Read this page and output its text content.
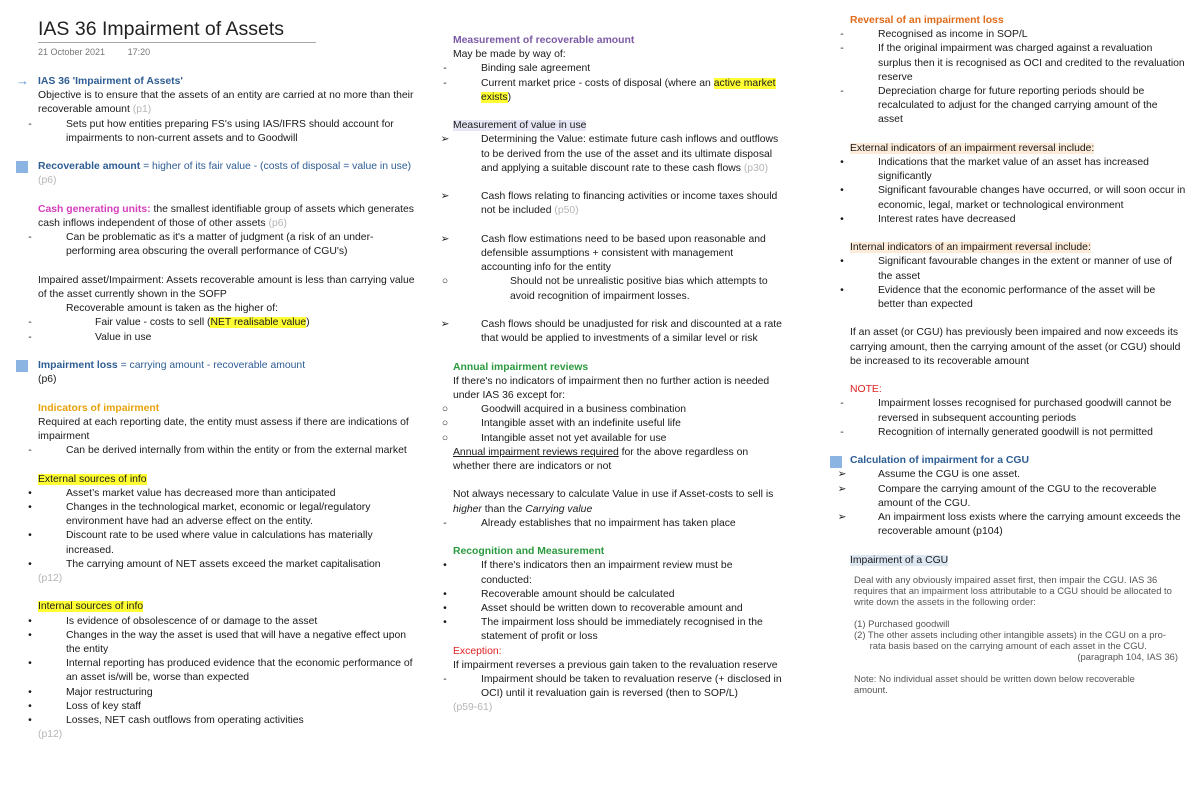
IAS 36 Impairment of Assets
21 October 2021	17:20
→ IAS 36 'Impairment of Assets'
Objective is to ensure that the assets of an entity are carried at no more than their
recoverable amount (p1)
-	Sets put how entities preparing FS's using IAS/IFRS should account for
impairments to non-current assets and to Goodwill
Recoverable amount = higher of its fair value - (costs of disposal = value in use)
(p6)
Cash generating units: the smallest identifiable group of assets which generates
cash inflows independent of those of other assets (p6)
-	Can be problematic as it's a matter of judgment (a risk of an under-
performing area obscuring the overall performance of CGU's)
Impaired asset/Impairment: Assets recoverable amount is less than carrying value
of the asset currently shown in the SOFP
Recoverable amount is taken as the higher of:
-	Fair value - costs to sell (NET realisable value)
-	Value in use
Impairment loss = carrying amount - recoverable amount
(p6)
Indicators of impairment
Required at each reporting date, the entity must assess if there are indications of
impairment
-	Can be derived internally from within the entity or from the external market
External sources of info
•	Asset’s market value has decreased more than anticipated
•	Changes in the technological market, economic or legal/regulatory
environment have had an adverse effect on the entity.
•	Discount rate to be used where value in calculations has materially
increased.
•	The carrying amount of NET assets exceed the market capitalisation
(p12)
Internal sources of info
•	Is evidence of obsolescence of or damage to the asset
•	Changes in the way the asset is used that will have a negative effect upon
the entity
•	Internal reporting has produced evidence that the economic performance of
an asset is/will be, worse than expected
•	Major restructuring
•	Loss of key staff
•	Losses, NET cash outflows from operating activities
(p12)
Measurement of recoverable amount
May be made by way of:
-	Binding sale agreement
-	Current market price - costs of disposal (where an active market
exists)
Measurement of value in use
➢	Determining the Value: estimate future cash inflows and outflows
to be derived from the use of the asset and its ultimate disposal
and applying a suitable discount rate to these cash flows (p30)
➢	Cash flows relating to financing activities or income taxes should
not be included (p50)
➢	Cash flow estimations need to be based upon reasonable and
defensible assumptions + consistent with management
accounting info for the entity
○	Should not be unrealistic positive bias which attempts to
avoid recognition of impairment losses.
➢	Cash flows should be unadjusted for risk and discounted at a rate
that would be applied to investments of a similar level or risk
Annual impairment reviews
If there's no indicators of impairment then no further action is needed
under IAS 36 except for:
○	Goodwill acquired in a business combination
○	Intangible asset with an indefinite useful life
○	Intangible asset not yet available for use
Annual impairment reviews required for the above regardless on
whether there are indicators or not
Not always necessary to calculate Value in use if Asset-costs to sell is
higher than the Carrying value
-	Already establishes that no impairment has taken place
Recognition and Measurement
•	If there's indicators then an impairment review must be
conducted:
•	Recoverable amount should be calculated
•	Asset should be written down to recoverable amount and
•	The impairment loss should be immediately recognised in the
statement of profit or loss
Exception:
If impairment reverses a previous gain taken to the revaluation reserve
-	Impairment should be taken to revaluation reserve (+ disclosed in
OCI) until it revaluation gain is reversed (then to SOP/L)
(p59-61)
Reversal of an impairment loss
-	Recognised as income in SOP/L
-	If the original impairment was charged against a revaluation
surplus then it is recognised as OCI and credited to the revaluation
reserve
-	Depreciation charge for future reporting periods should be
recalculated to adjust for the changed carrying amount of the
asset
External indicators of an impairment reversal include:
•	Indications that the market value of an asset has increased
significantly
•	Significant favourable changes have occurred, or will soon occur in
economic, legal, market or technological environment
•	Interest rates have decreased
Internal indicators of an impairment reversal include:
•	Significant favourable changes in the extent or manner of use of
the asset
•	Evidence that the economic performance of the asset will be
better than expected
If an asset (or CGU) has previously been impaired and now exceeds its
carrying amount, then the carrying amount of the asset (or CGU) should
be increased to its recoverable amount
NOTE:
-	Impairment losses recognised for purchased goodwill cannot be
reversed in subsequent accounting periods
-	Recognition of internally generated goodwill is not permitted
Calculation of impairment for a CGU
➢	Assume the CGU is one asset.
➢	Compare the carrying amount of the CGU to the recoverable
amount of the CGU.
➢	An impairment loss exists where the carrying amount exceeds the
recoverable amount (p104)
Impairment of a CGU
Deal with any obviously impaired asset first, then impair the CGU. IAS 36
requires that an impairment loss attributable to a CGU should be allocated to
write down the assets in the following order:
(1) Purchased goodwill
(2) The other assets including other intangible assets) in the CGU on a pro-
rata basis based on the carrying amount of each asset in the CGU.
(paragraph 104, IAS 36)
Note: No individual asset should be written down below recoverable
amount.
